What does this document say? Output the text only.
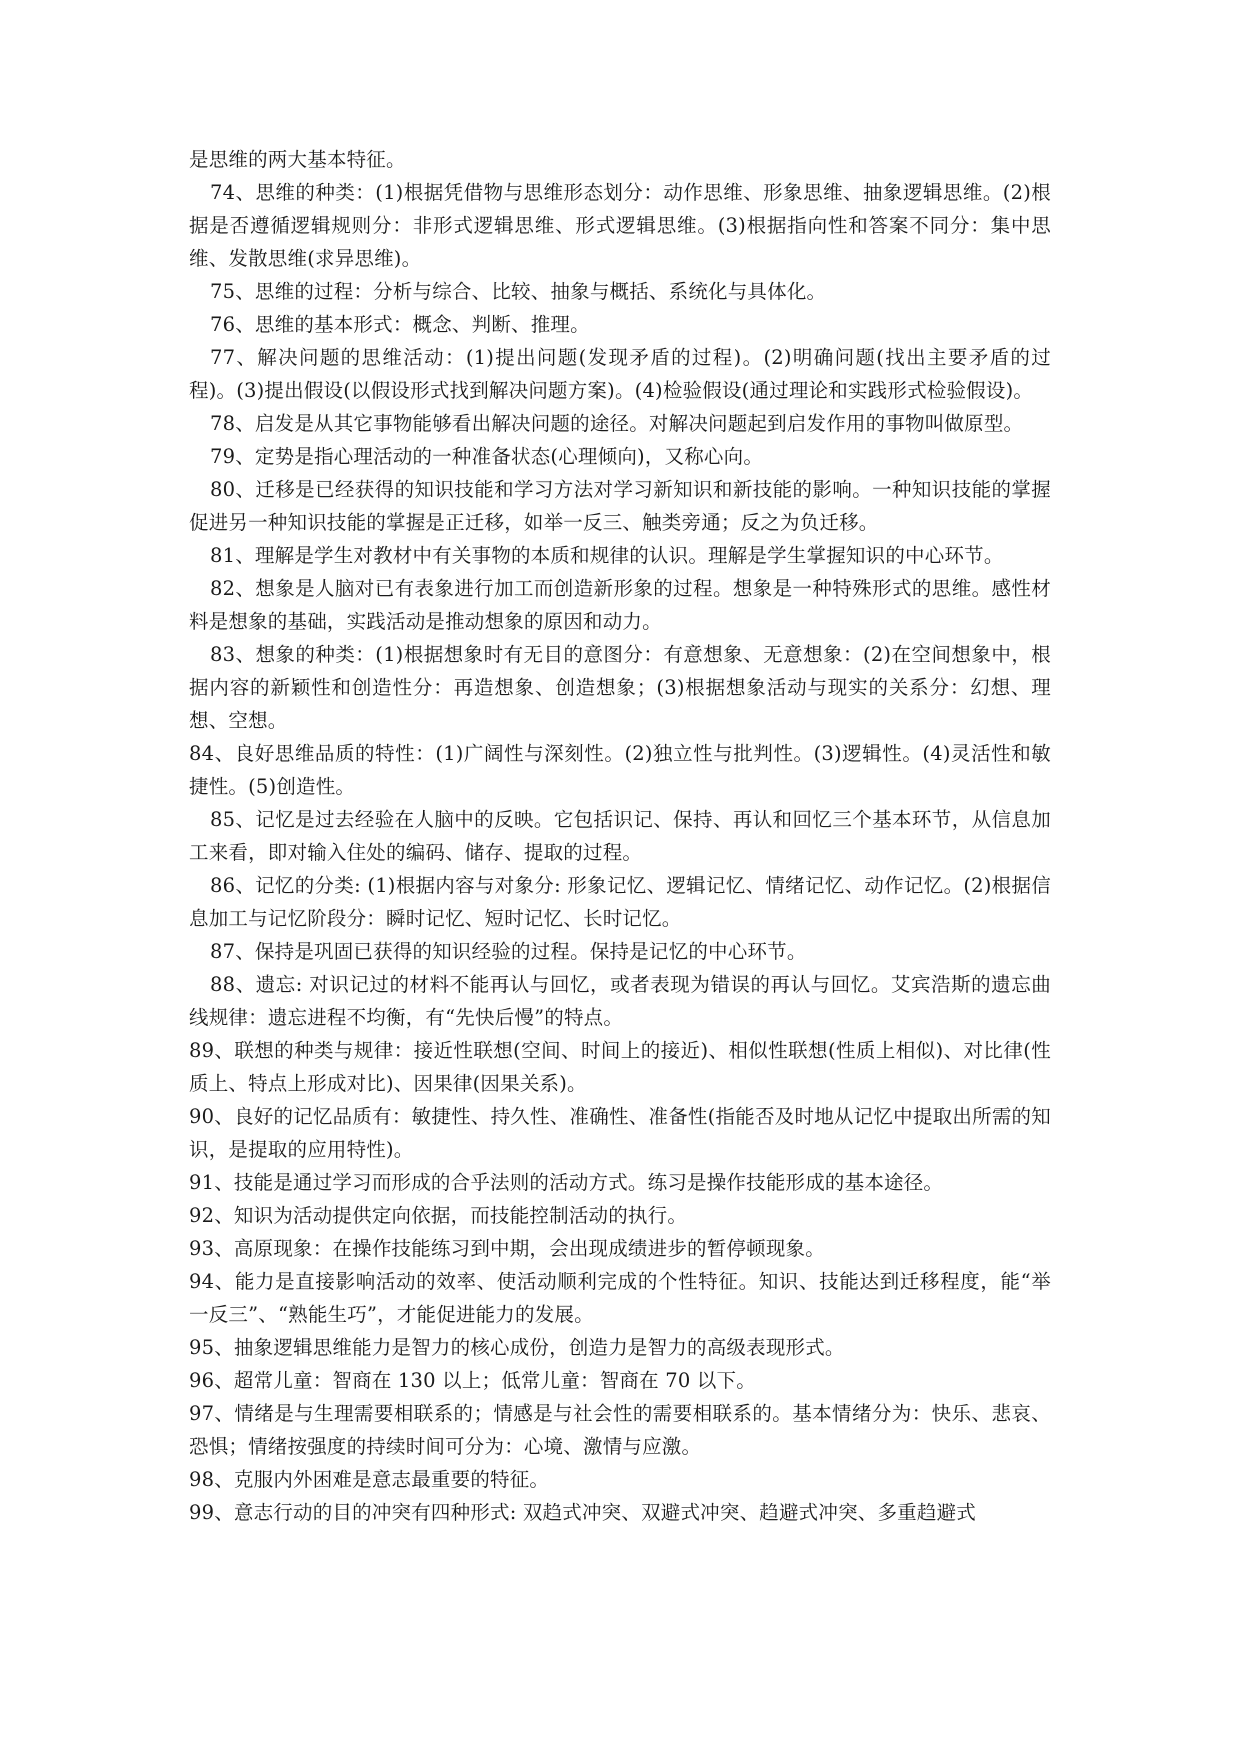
是思维的两大基本特征。

74、思维的种类：(1)根据凭借物与思维形态划分：动作思维、形象思维、抽象逻辑思维。(2)根据是否遵循逻辑规则分：非形式逻辑思维、形式逻辑思维。(3)根据指向性和答案不同分：集中思维、发散思维(求异思维)。

75、思维的过程：分析与综合、比较、抽象与概括、系统化与具体化。

76、思维的基本形式：概念、判断、推理。

77、解决问题的思维活动：(1)提出问题(发现矛盾的过程)。(2)明确问题(找出主要矛盾的过程)。(3)提出假设(以假设形式找到解决问题方案)。(4)检验假设(通过理论和实践形式检验假设)。

78、启发是从其它事物能够看出解决问题的途径。对解决问题起到启发作用的事物叫做原型。

79、定势是指心理活动的一种准备状态(心理倾向)，又称心向。

80、迁移是已经获得的知识技能和学习方法对学习新知识和新技能的影响。一种知识技能的掌握促进另一种知识技能的掌握是正迁移，如举一反三、触类旁通；反之为负迁移。

81、理解是学生对教材中有关事物的本质和规律的认识。理解是学生掌握知识的中心环节。

82、想象是人脑对已有表象进行加工而创造新形象的过程。想象是一种特殊形式的思维。感性材料是想象的基础，实践活动是推动想象的原因和动力。

83、想象的种类：(1)根据想象时有无目的意图分：有意想象、无意想象：(2)在空间想象中，根据内容的新颖性和创造性分：再造想象、创造想象；(3)根据想象活动与现实的关系分：幻想、理想、空想。

84、良好思维品质的特性：(1)广阔性与深刻性。(2)独立性与批判性。(3)逻辑性。(4)灵活性和敏捷性。(5)创造性。

85、记忆是过去经验在人脑中的反映。它包括识记、保持、再认和回忆三个基本环节，从信息加工来看，即对输入住处的编码、储存、提取的过程。

86、记忆的分类: (1)根据内容与对象分: 形象记忆、逻辑记忆、情绪记忆、动作记忆。(2)根据信息加工与记忆阶段分：瞬时记忆、短时记忆、长时记忆。

87、保持是巩固已获得的知识经验的过程。保持是记忆的中心环节。

88、遗忘: 对识记过的材料不能再认与回忆，或者表现为错误的再认与回忆。艾宾浩斯的遗忘曲线规律：遗忘进程不均衡，有“先快后慢”的特点。

89、联想的种类与规律：接近性联想(空间、时间上的接近)、相似性联想(性质上相似)、对比律(性质上、特点上形成对比)、因果律(因果关系)。

90、良好的记忆品质有：敏捷性、持久性、准确性、准备性(指能否及时地从记忆中提取出所需的知识，是提取的应用特性)。

91、技能是通过学习而形成的合乎法则的活动方式。练习是操作技能形成的基本途径。

92、知识为活动提供定向依据，而技能控制活动的执行。

93、高原现象：在操作技能练习到中期，会出现成绩进步的暂停顿现象。

94、能力是直接影响活动的效率、使活动顺利完成的个性特征。知识、技能达到迁移程度，能“举一反三”、“熟能生巧”，才能促进能力的发展。

95、抽象逻辑思维能力是智力的核心成份，创造力是智力的高级表现形式。

96、超常儿童：智商在 130 以上；低常儿童：智商在 70 以下。

97、情绪是与生理需要相联系的；情感是与社会性的需要相联系的。基本情绪分为：快乐、悲哀、恐惧；情绪按强度的持续时间可分为：心境、激情与应激。

98、克服内外困难是意志最重要的特征。

99、意志行动的目的冲突有四种形式: 双趋式冲突、双避式冲突、趋避式冲突、多重趋避式
